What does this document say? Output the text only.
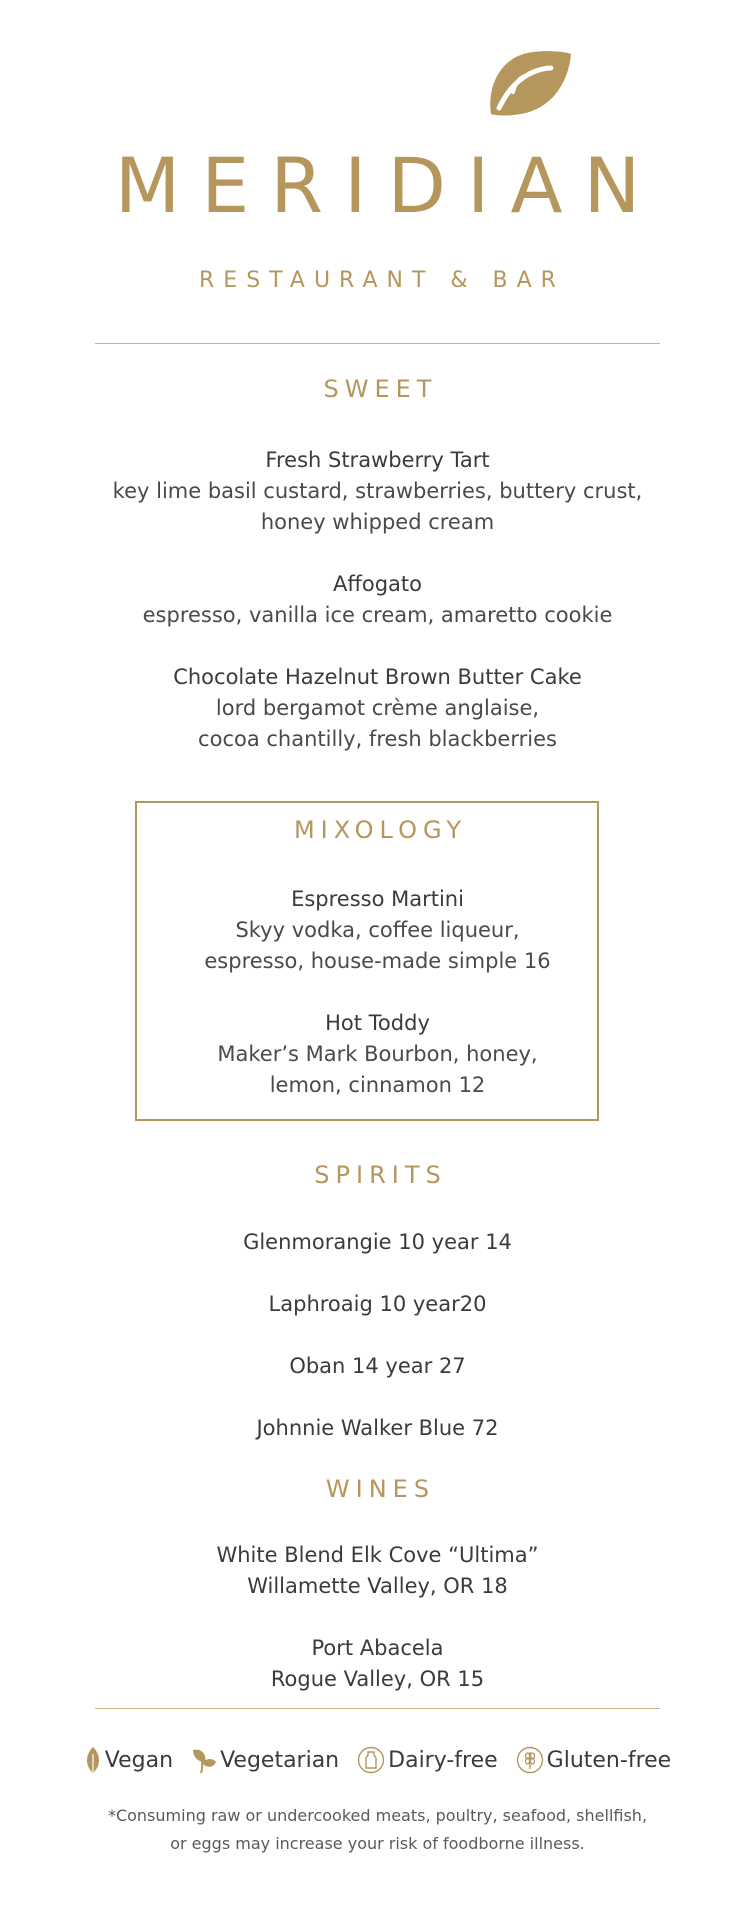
MERIDIAN
RESTAURANT & BAR
SWEET
Fresh Strawberry Tart
key lime basil custard, strawberries, buttery crust,
honey whipped cream
Affogato
espresso, vanilla ice cream, amaretto cookie
Chocolate Hazelnut Brown Butter Cake
lord bergamot crème anglaise,
cocoa chantilly, fresh blackberries
MIXOLOGY
Espresso Martini
Skyy vodka, coffee liqueur,
espresso, house-made simple 16
Hot Toddy
Maker’s Mark Bourbon, honey,
lemon, cinnamon 12
SPIRITS
Glenmorangie 10 year 14
Laphroaig 10 year20
Oban 14 year 27
Johnnie Walker Blue 72
WINES
White Blend Elk Cove “Ultima”
Willamette Valley, OR 18
Port Abacela
Rogue Valley, OR 15
Vegan Vegetarian Dairy-free Gluten-free
*Consuming raw or undercooked meats, poultry, seafood, shellfish,
or eggs may increase your risk of foodborne illness.
